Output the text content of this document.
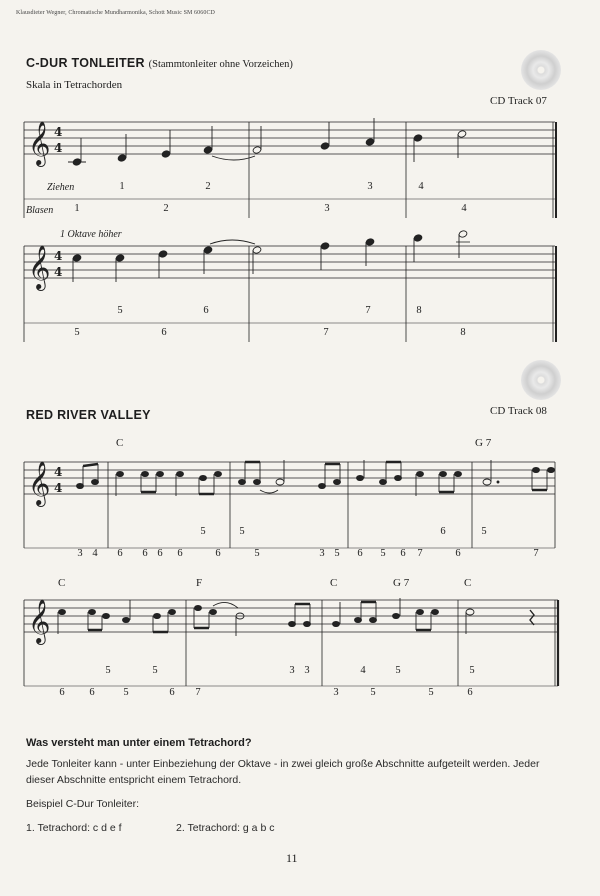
Klausdieter Wegner, Chromatische Mundharmonika, Schott Music SM 6060CD
C-DUR TONLEITER (Stammtonleiter ohne Vorzeichen)
Skala in Tetrachorden
CD Track 07
𝄞 4
4
Ziehen
Blasen
1	2	3	4
1	2	3	4
1 Oktave höher
𝄞 4
4
5	6	7	8
5	6	7	8
RED RIVER VALLEY	CD Track 08
C	G 7
𝄞 4
4
5	5	6	5
3 4 6 6 6 6	6	5	3 5 6 5 6 7	6	7
C	F	C	G 7	C
𝄞
5	5	3 3	4	5	5
6 6	5	6 7	3	5	5	6
Was versteht man unter einem Tetrachord?
Jede Tonleiter kann - unter Einbeziehung der Oktave - in zwei gleich große Abschnitte aufgeteilt werden. Jeder dieser Abschnitte entspricht einem Tetrachord.
Beispiel C-Dur Tonleiter:
1. Tetrachord: c d e f	2. Tetrachord: g a b c
11
